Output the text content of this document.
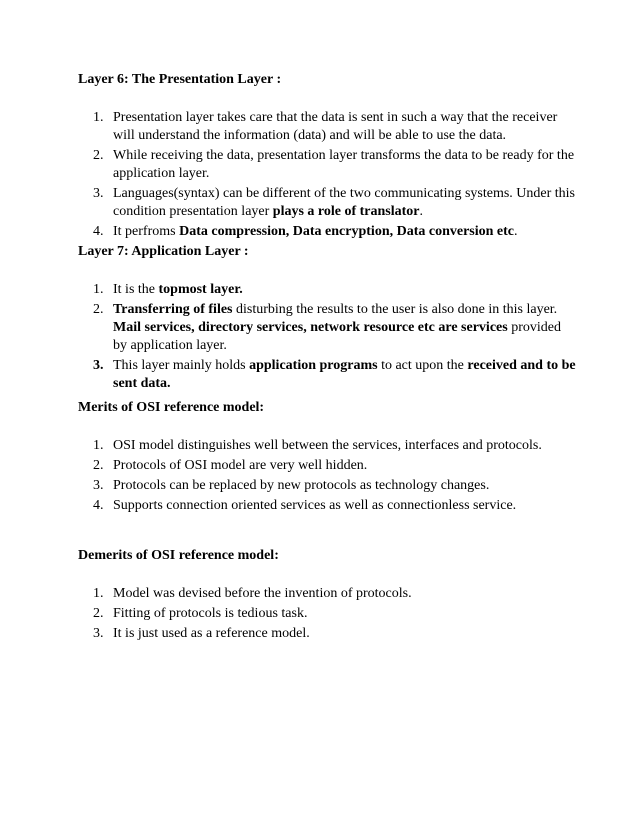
Layer 6: The Presentation Layer :

1. Presentation layer takes care that the data is sent in such a way that the receiver will understand the information (data) and will be able to use the data.
2. While receiving the data, presentation layer transforms the data to be ready for the application layer.
3. Languages(syntax) can be different of the two communicating systems. Under this condition presentation layer plays a role of translator.
4. It perfroms Data compression, Data encryption, Data conversion etc.

Layer 7: Application Layer :

1. It is the topmost layer.
2. Transferring of files disturbing the results to the user is also done in this layer. Mail services, directory services, network resource etc are services provided by application layer.
3. This layer mainly holds application programs to act upon the received and to be sent data.

Merits of OSI reference model:

1. OSI model distinguishes well between the services, interfaces and protocols.
2. Protocols of OSI model are very well hidden.
3. Protocols can be replaced by new protocols as technology changes.
4. Supports connection oriented services as well as connectionless service.

Demerits of OSI reference model:

1. Model was devised before the invention of protocols.
2. Fitting of protocols is tedious task.
3. It is just used as a reference model.
